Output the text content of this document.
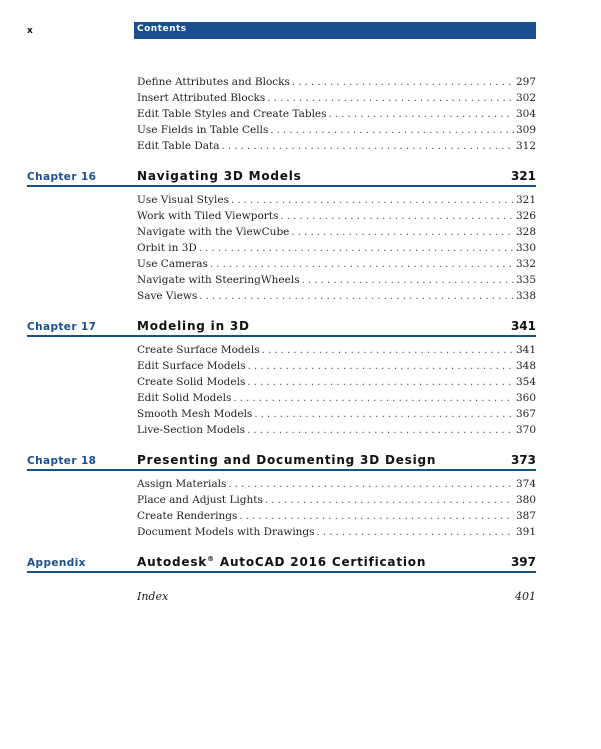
x	Contents
Define Attributes and Blocks . . .	297
Insert Attributed Blocks . . .	302
Edit Table Styles and Create Tables . . .	304
Use Fields in Table Cells . . .	309
Edit Table Data . . .	312
Chapter 16	Navigating 3D Models	321
Use Visual Styles . . .	321
Work with Tiled Viewports . . .	326
Navigate with the ViewCube . . .	328
Orbit in 3D . . .	330
Use Cameras . . .	332
Navigate with SteeringWheels . . .	335
Save Views . . .	338
Chapter 17	Modeling in 3D	341
Create Surface Models . . .	341
Edit Surface Models . . .	348
Create Solid Models . . .	354
Edit Solid Models . . .	360
Smooth Mesh Models . . .	367
Live-Section Models . . .	370
Chapter 18	Presenting and Documenting 3D Design	373
Assign Materials . . .	374
Place and Adjust Lights . . .	380
Create Renderings . . .	387
Document Models with Drawings . . .	391
Appendix	Autodesk® AutoCAD 2016 Certification	397
Index	401
